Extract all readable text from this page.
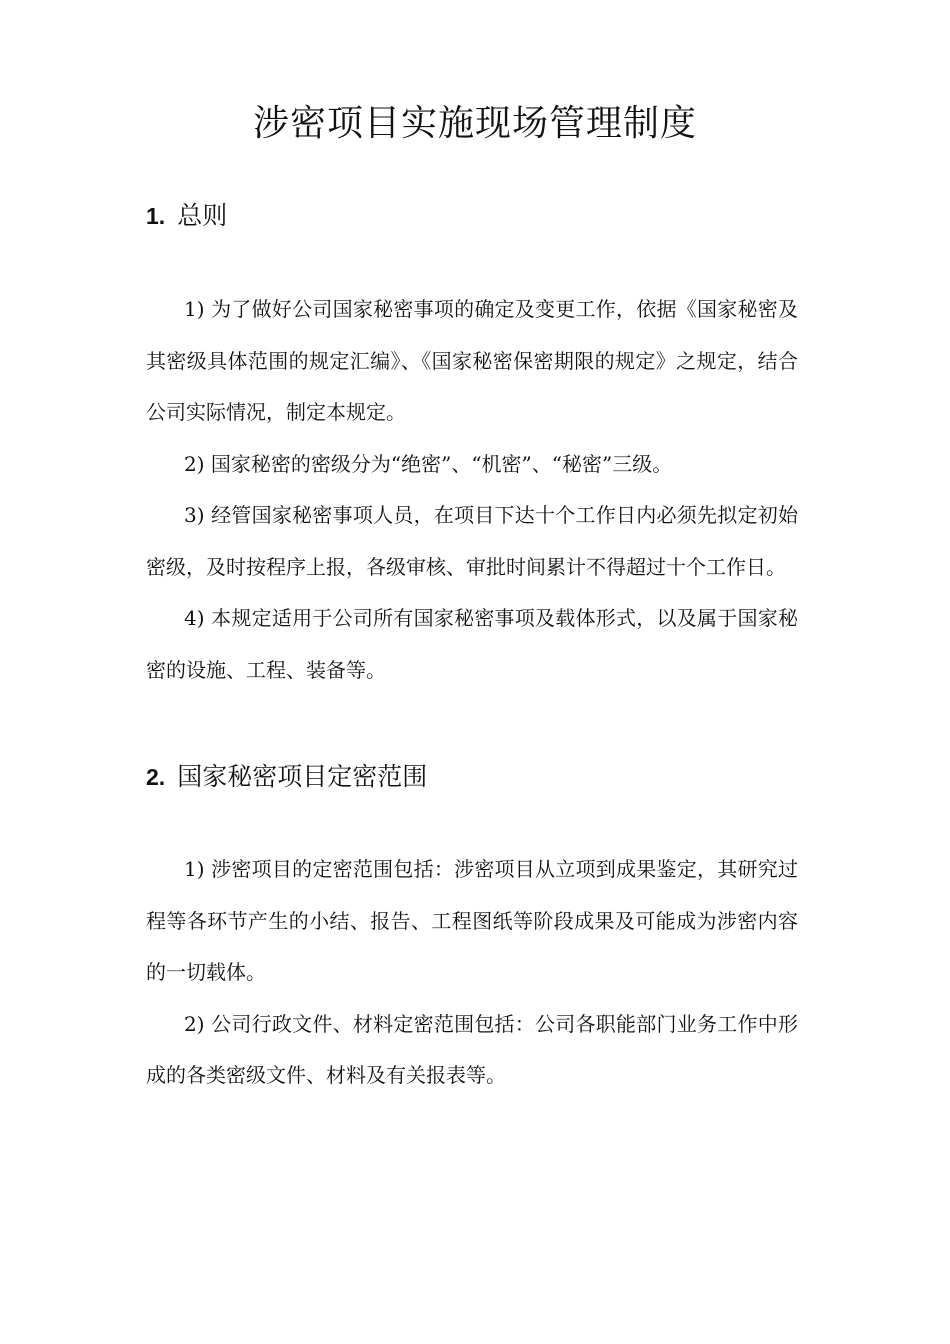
涉密项目实施现场管理制度
1. 总则

1) 为了做好公司国家秘密事项的确定及变更工作，依据《国家秘密及其密级具体范围的规定汇编》、《国家秘密保密期限的规定》之规定，结合公司实际情况，制定本规定。

2) 国家秘密的密级分为“绝密”、“机密”、“秘密”三级。

3) 经管国家秘密事项人员，在项目下达十个工作日内必须先拟定初始密级，及时按程序上报，各级审核、审批时间累计不得超过十个工作日。

4) 本规定适用于公司所有国家秘密事项及载体形式，以及属于国家秘密的设施、工程、装备等。

2. 国家秘密项目定密范围

1) 涉密项目的定密范围包括：涉密项目从立项到成果鉴定，其研究过程等各环节产生的小结、报告、工程图纸等阶段成果及可能成为涉密内容的一切载体。

2) 公司行政文件、材料定密范围包括：公司各职能部门业务工作中形成的各类密级文件、材料及有关报表等。
